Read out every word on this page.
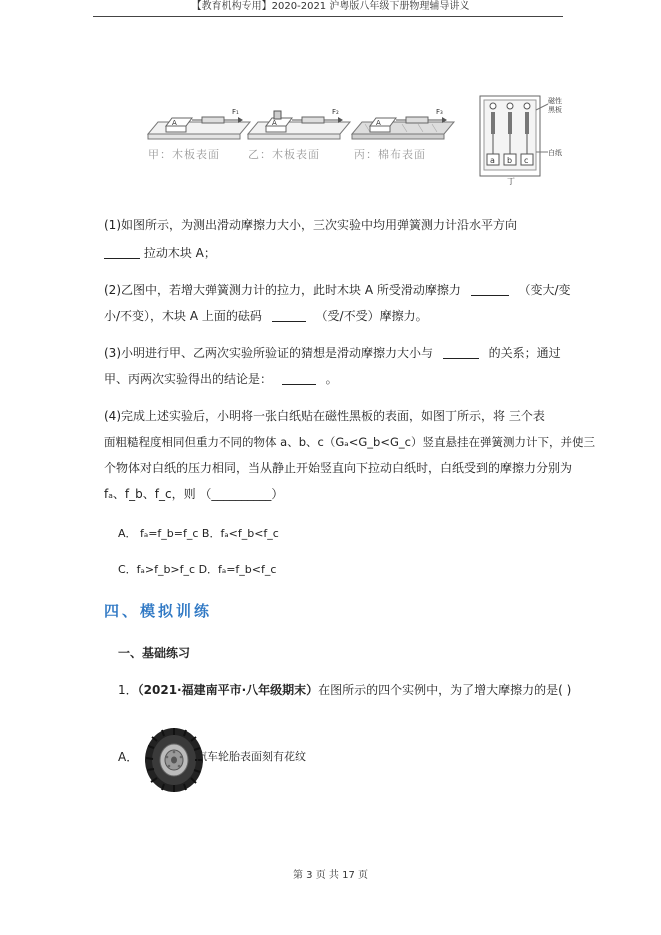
【教育机构专用】2020-2021 沪粤版八年级下册物理辅导讲义
A
F₁
A
F₂
A
F₃
a b c
磁性
黑板
白纸
丁
甲：木板表面	乙：木板表面	丙：棉布表面
(1)如图所示，为测出滑动摩擦力大小，三次实验中均用弹簧测力计沿水平方向
拉动木块 A；
(2)乙图中，若增大弹簧测力计的拉力，此时木块 A 所受滑动摩擦力	（变大/变
小/不变），木块 A 上面的砝码	（受/不受）摩擦力。
(3)小明进行甲、乙两次实验所验证的猜想是滑动摩擦力大小与	的关系；通过
甲、丙两次实验得出的结论是：	。
(4)完成上述实验后，小明将一张白纸贴在磁性黑板的表面，如图丁所示，将 三个表
面粗糙程度相同但重力不同的物体 a、b、c（Gₐ<G_b<G_c）竖直悬挂在弹簧测力计下，并使三
个物体对白纸的压力相同，当从静止开始竖直向下拉动白纸时，白纸受到的摩擦力分别为
fₐ、f_b、f_c，则 （__________）
A． fₐ=f_b=f_c B．fₐ<f_b<f_c
C．fₐ>f_b>f_c D．fₐ=f_b<f_c
四、模拟训练
一、基础练习
1．（2021·福建南平市·八年级期末）在图所示的四个实例中，为了增大摩擦力的是( )
A．	汽车轮胎表面刻有花纹
第 3 页 共 17 页
